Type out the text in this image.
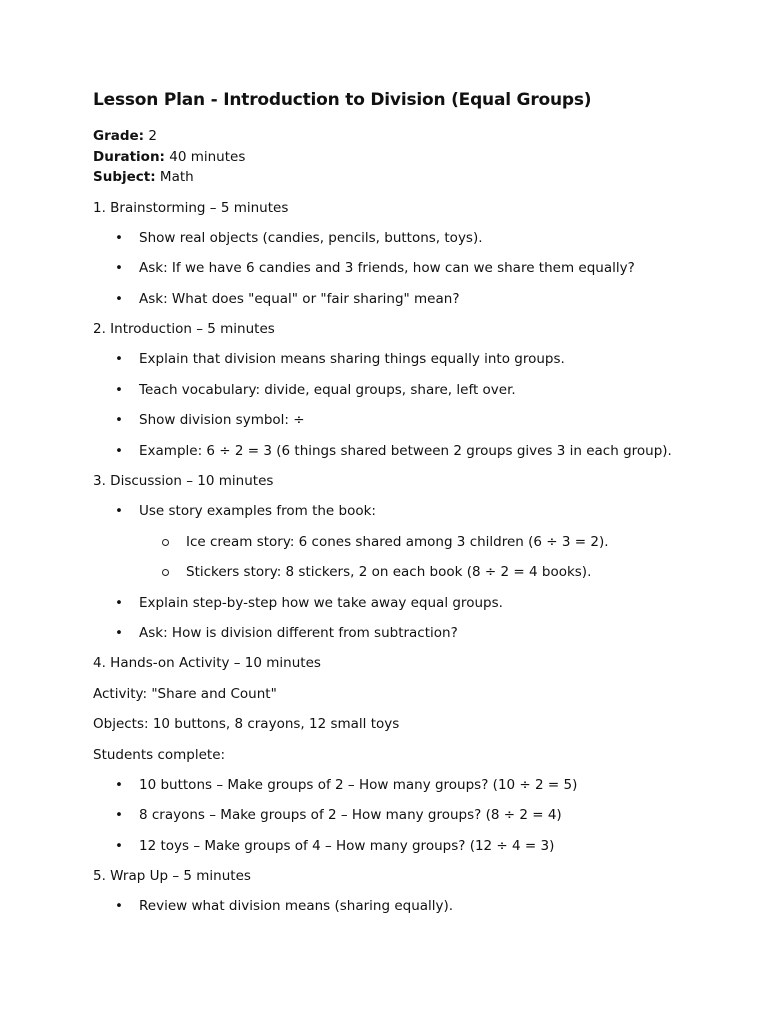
Lesson Plan - Introduction to Division (Equal Groups)

Grade: 2

Duration: 40 minutes

Subject: Math

1. Brainstorming – 5 minutes

• Show real objects (candies, pencils, buttons, toys).
• Ask: If we have 6 candies and 3 friends, how can we share them equally?
• Ask: What does "equal" or "fair sharing" mean?

2. Introduction – 5 minutes

• Explain that division means sharing things equally into groups.
• Teach vocabulary: divide, equal groups, share, left over.
• Show division symbol: ÷
• Example: 6 ÷ 2 = 3 (6 things shared between 2 groups gives 3 in each group).

3. Discussion – 10 minutes

• Use story examples from the book:
Ice cream story: 6 cones shared among 3 children (6 ÷ 3 = 2).
Stickers story: 8 stickers, 2 on each book (8 ÷ 2 = 4 books).
• Explain step-by-step how we take away equal groups.
• Ask: How is division different from subtraction?

4. Hands-on Activity – 10 minutes

Activity: "Share and Count"

Objects: 10 buttons, 8 crayons, 12 small toys

Students complete:

• 10 buttons – Make groups of 2 – How many groups? (10 ÷ 2 = 5)
• 8 crayons – Make groups of 2 – How many groups? (8 ÷ 2 = 4)
• 12 toys – Make groups of 4 – How many groups? (12 ÷ 4 = 3)

5. Wrap Up – 5 minutes

• Review what division means (sharing equally).
